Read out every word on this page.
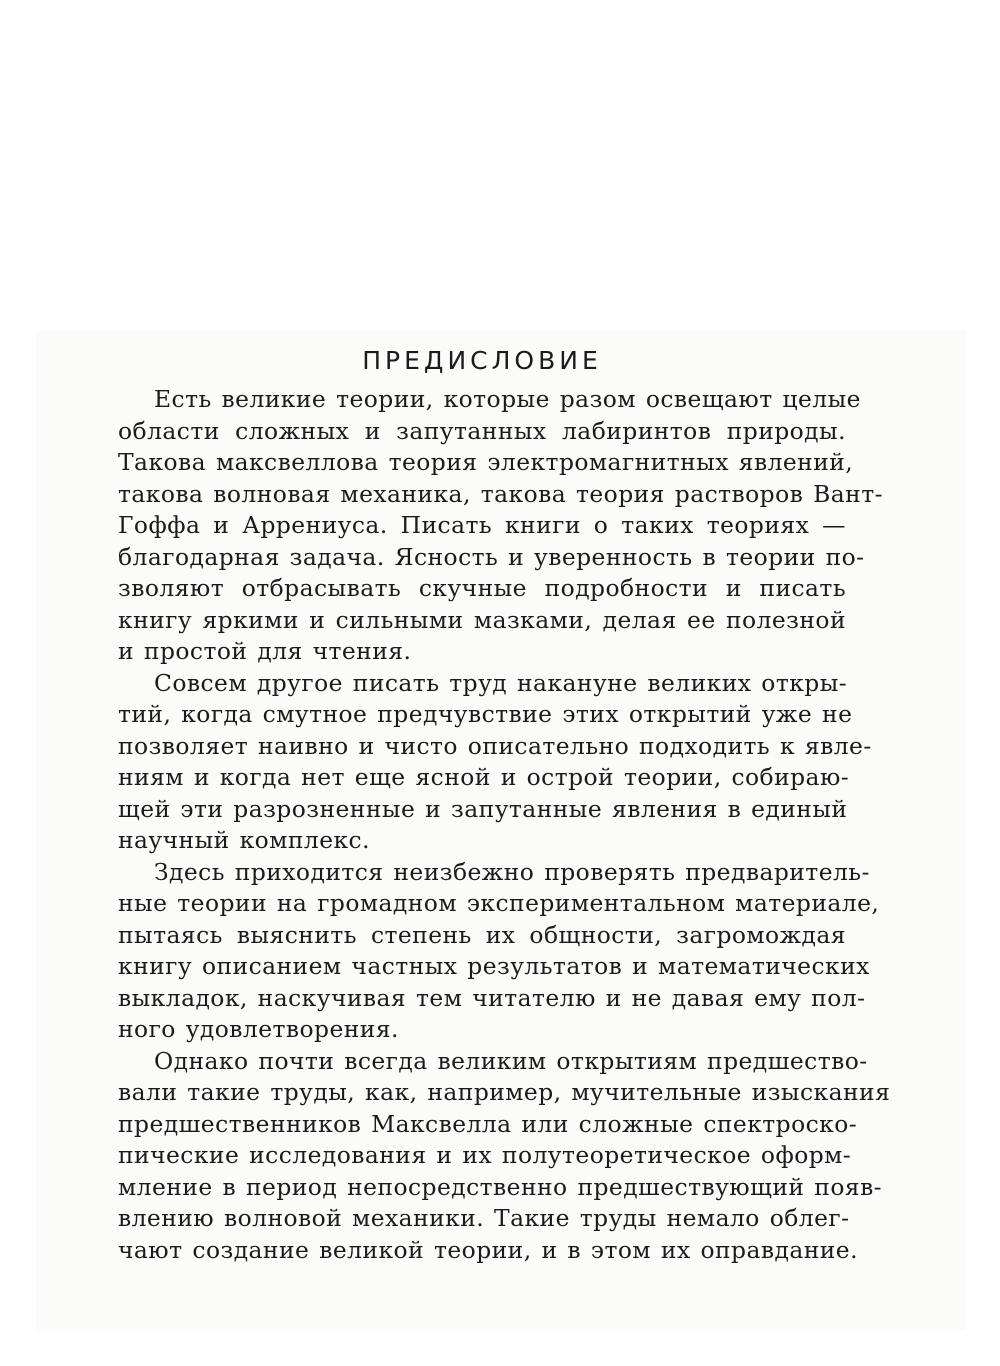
ПРЕДИСЛОВИЕ
Есть великие теории, которые разом освещают целые
области сложных и запутанных лабиринтов природы.
Такова максвеллова теория электромагнитных явлений,
такова волновая механика, такова теория растворов Вант-
Гоффа и Аррениуса. Писать книги о таких теориях —
благодарная задача. Ясность и уверенность в теории по-
зволяют отбрасывать скучные подробности и писать
книгу яркими и сильными мазками, делая ее полезной
и простой для чтения.
Совсем другое писать труд накануне великих откры-
тий, когда смутное предчувствие этих открытий уже не
позволяет наивно и чисто описательно подходить к явле-
ниям и когда нет еще ясной и острой теории, собираю-
щей эти разрозненные и запутанные явления в единый
научный комплекс.
Здесь приходится неизбежно проверять предваритель-
ные теории на громадном экспериментальном материале,
пытаясь выяснить степень их общности, загромождая
книгу описанием частных результатов и математических
выкладок, наскучивая тем читателю и не давая ему пол-
ного удовлетворения.
Однако почти всегда великим открытиям предшество-
вали такие труды, как, например, мучительные изыскания
предшественников Максвелла или сложные спектроско-
пические исследования и их полутеоретическое оформ-
мление в период непосредственно предшествующий появ-
влению волновой механики. Такие труды немало облег-
чают создание великой теории, и в этом их оправдание.
